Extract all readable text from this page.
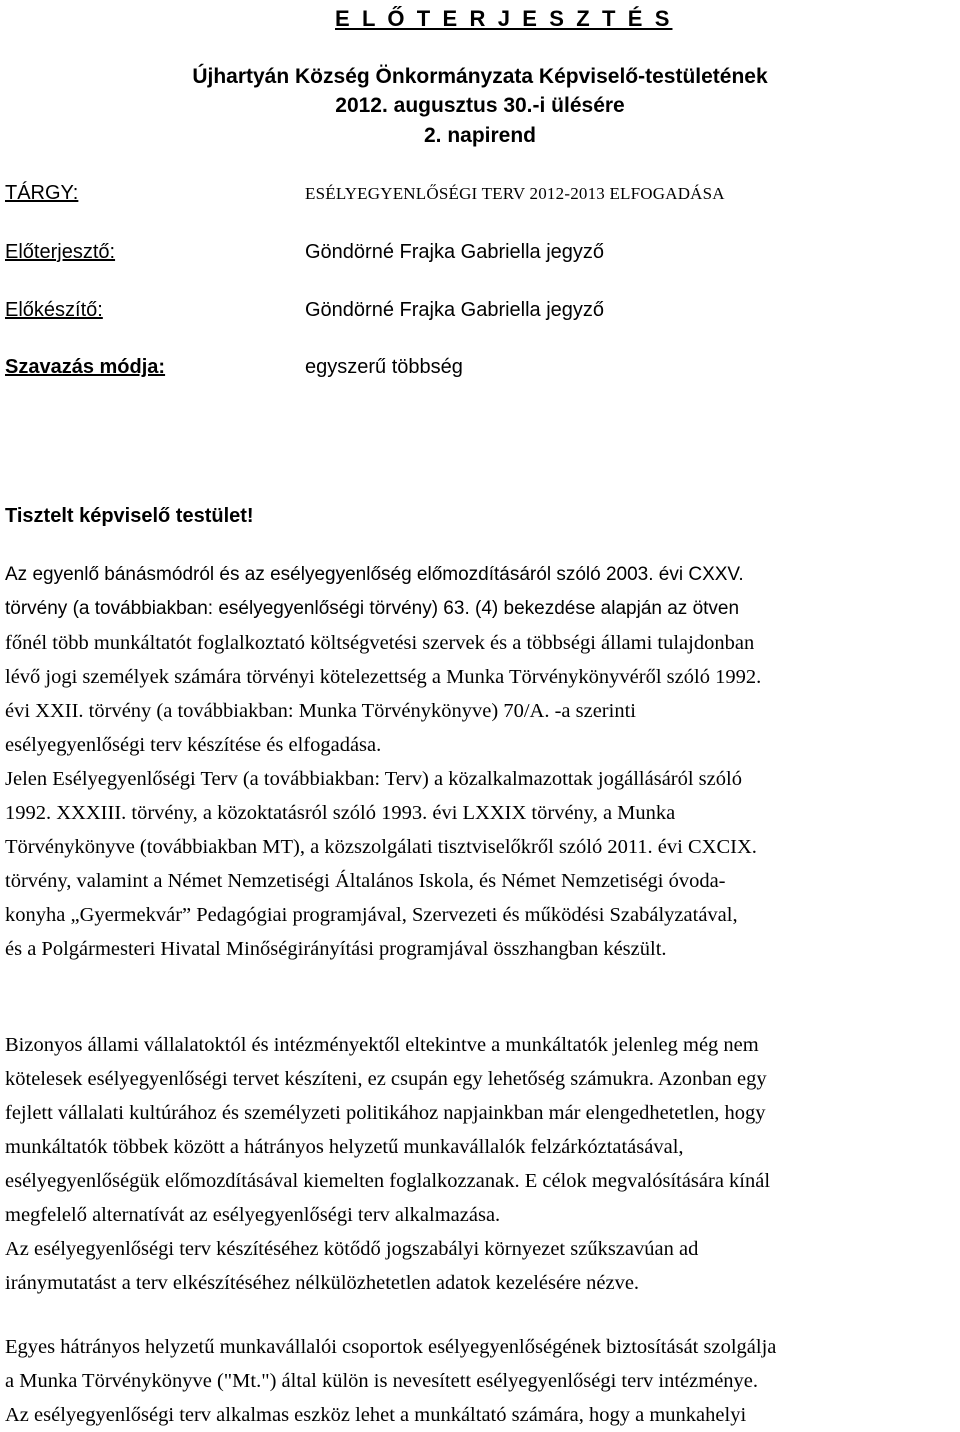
E L Ő T E R J E S Z T É S
Újhartyán Község Önkormányzata Képviselő-testületének
2012. augusztus 30.-i ülésére
2. napirend
TÁRGY:	ESÉLYEGYENLŐSÉGI TERV 2012-2013 ELFOGADÁSA
Előterjesztő:	Göndörné Frajka Gabriella jegyző
Előkészítő:	Göndörné Frajka Gabriella jegyző
Szavazás módja:	egyszerű többség
Tisztelt képviselő testület!
Az egyenlő bánásmódról és az esélyegyenlőség előmozdításáról szóló 2003. évi CXXV.
törvény (a továbbiakban: esélyegyenlőségi törvény) 63. (4) bekezdése alapján az ötven
főnél több munkáltatót foglalkoztató költségvetési szervek és a többségi állami tulajdonban
lévő jogi személyek számára törvényi kötelezettség a Munka Törvénykönyvéről szóló 1992.
évi XXII. törvény (a továbbiakban: Munka Törvénykönyve) 70/A. -a szerinti
esélyegyenlőségi terv készítése és elfogadása.
Jelen Esélyegyenlőségi Terv (a továbbiakban: Terv) a közalkalmazottak jogállásáról szóló
1992. XXXIII. törvény, a közoktatásról szóló 1993. évi LXXIX törvény, a Munka
Törvénykönyve (továbbiakban MT), a közszolgálati tisztviselőkről szóló 2011. évi CXCIX.
törvény, valamint a Német Nemzetiségi Általános Iskola, és Német Nemzetiségi óvoda-
konyha „Gyermekvár” Pedagógiai programjával, Szervezeti és működési Szabályzatával,
és a Polgármesteri Hivatal Minőségirányítási programjával összhangban készült.
Bizonyos állami vállalatoktól és intézményektől eltekintve a munkáltatók jelenleg még nem
kötelesek esélyegyenlőségi tervet készíteni, ez csupán egy lehetőség számukra. Azonban egy
fejlett vállalati kultúrához és személyzeti politikához napjainkban már elengedhetetlen, hogy
munkáltatók többek között a hátrányos helyzetű munkavállalók felzárkóztatásával,
esélyegyenlőségük előmozdításával kiemelten foglalkozzanak. E célok megvalósítására kínál
megfelelő alternatívát az esélyegyenlőségi terv alkalmazása.
Az esélyegyenlőségi terv készítéséhez kötődő jogszabályi környezet szűkszavúan ad
iránymutatást a terv elkészítéséhez nélkülözhetetlen adatok kezelésére nézve.
Egyes hátrányos helyzetű munkavállalói csoportok esélyegyenlőségének biztosítását szolgálja
a Munka Törvénykönyve ("Mt.") által külön is nevesített esélyegyenlőségi terv intézménye.
Az esélyegyenlőségi terv alkalmas eszköz lehet a munkáltató számára, hogy a munkahelyi
